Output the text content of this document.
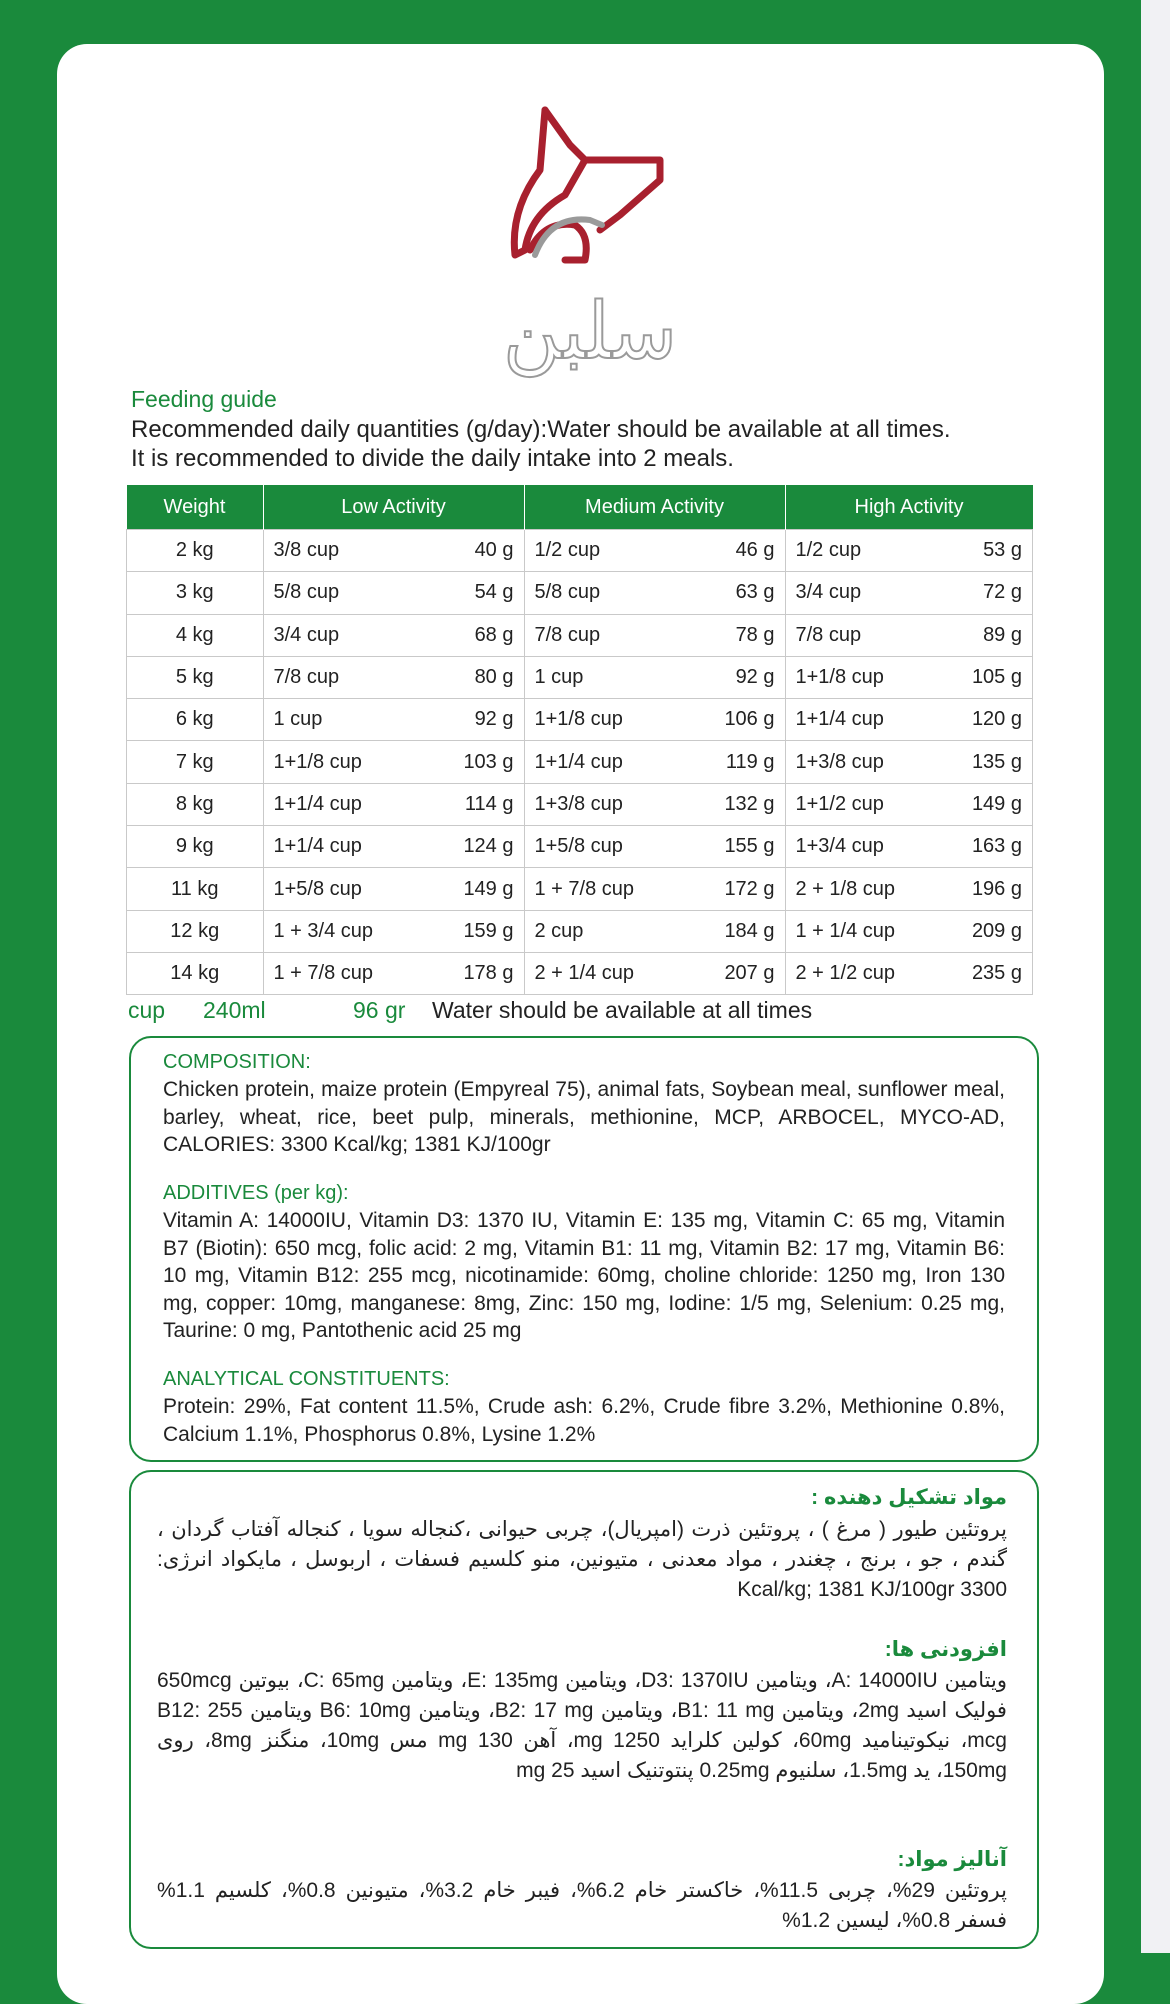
سلبن
Feeding guide
Recommended daily quantities (g/day):Water should be available at all times.
It is recommended to divide the daily intake into 2 meals.
Weight	Low Activity	Medium Activity	High Activity
2 kg	3/8 cup 40 g	1/2 cup 46 g	1/2 cup 53 g

3 kg	5/8 cup 54 g	5/8 cup 63 g	3/4 cup 72 g

4 kg	3/4 cup 68 g	7/8 cup 78 g	7/8 cup 89 g

5 kg	7/8 cup 80 g	1 cup 92 g	1+1/8 cup 105 g

6 kg	1 cup 92 g	1+1/8 cup 106 g	1+1/4 cup 120 g

7 kg	1+1/8 cup 103 g	1+1/4 cup 119 g	1+3/8 cup 135 g

8 kg	1+1/4 cup 114 g	1+3/8 cup 132 g	1+1/2 cup 149 g

9 kg	1+1/4 cup 124 g	1+5/8 cup 155 g	1+3/4 cup 163 g

11 kg	1+5/8 cup 149 g	1 + 7/8 cup 172 g	2 + 1/8 cup 196 g

12 kg	1 + 3/4 cup 159 g	2 cup 184 g	1 + 1/4 cup 209 g

14 kg	1 + 7/8 cup 178 g	2 + 1/4 cup 207 g	2 + 1/2 cup 235 g
cup 240ml	96 gr Water should be available at all times
COMPOSITION:
Chicken protein, maize protein (Empyreal 75), animal fats, Soybean meal, sunflower meal, barley, wheat, rice, beet pulp, minerals, methionine, MCP, ARBOCEL, MYCO-AD, CALORIES: 3300 Kcal/kg; 1381 KJ/100gr
ADDITIVES (per kg):
Vitamin A: 14000IU, Vitamin D3: 1370 IU, Vitamin E: 135 mg, Vitamin C: 65 mg, Vitamin B7 (Biotin): 650 mcg, folic acid: 2 mg, Vitamin B1: 11 mg, Vitamin B2: 17 mg, Vitamin B6: 10 mg, Vitamin B12: 255 mcg, nicotinamide: 60mg, choline chloride: 1250 mg, Iron 130 mg, copper: 10mg, manganese: 8mg, Zinc: 150 mg, Iodine: 1/5 mg, Selenium: 0.25 mg, Taurine: 0 mg, Pantothenic acid 25 mg
ANALYTICAL CONSTITUENTS:
Protein: 29%, Fat content 11.5%, Crude ash: 6.2%, Crude fibre 3.2%, Methionine 0.8%, Calcium 1.1%, Phosphorus 0.8%, Lysine 1.2%
مواد تشکیل دهنده :
پروتئین طیور ( مرغ ) ، پروتئین ذرت (امپریال)، چربی حیوانی ،کنجاله سویا ، کنجاله آفتاب گردان ، گندم ، جو ، برنج ، چغندر ، مواد معدنی ، متیونین، منو کلسیم فسفات ، اربوسل ، مایکواد انرژی: 3300 Kcal/kg; 1381 KJ/100gr
افزودنی ها:
ویتامین A: 14000IU، ویتامین D3: 1370IU، ویتامین E: 135mg، ویتامین C: 65mg، بیوتین 650mcg فولیک اسید 2mg، ویتامین B1: 11 mg، ویتامین B2: 17 mg، ویتامین B6: 10mg ویتامین B12: 255 mcg، نیکوتینامید 60mg، کولین کلراید 1250 mg، آهن 130 mg مس 10mg، منگنز 8mg، روی 150mg، ید 1.5mg، سلنیوم 0.25mg پنتوتنیک اسید 25 mg
آنالیز مواد:
پروتئین 29%، چربی 11.5%، خاکستر خام 6.2%، فیبر خام 3.2%، متیونین 0.8%، کلسیم 1.1% فسفر 0.8%، لیسین 1.2%
